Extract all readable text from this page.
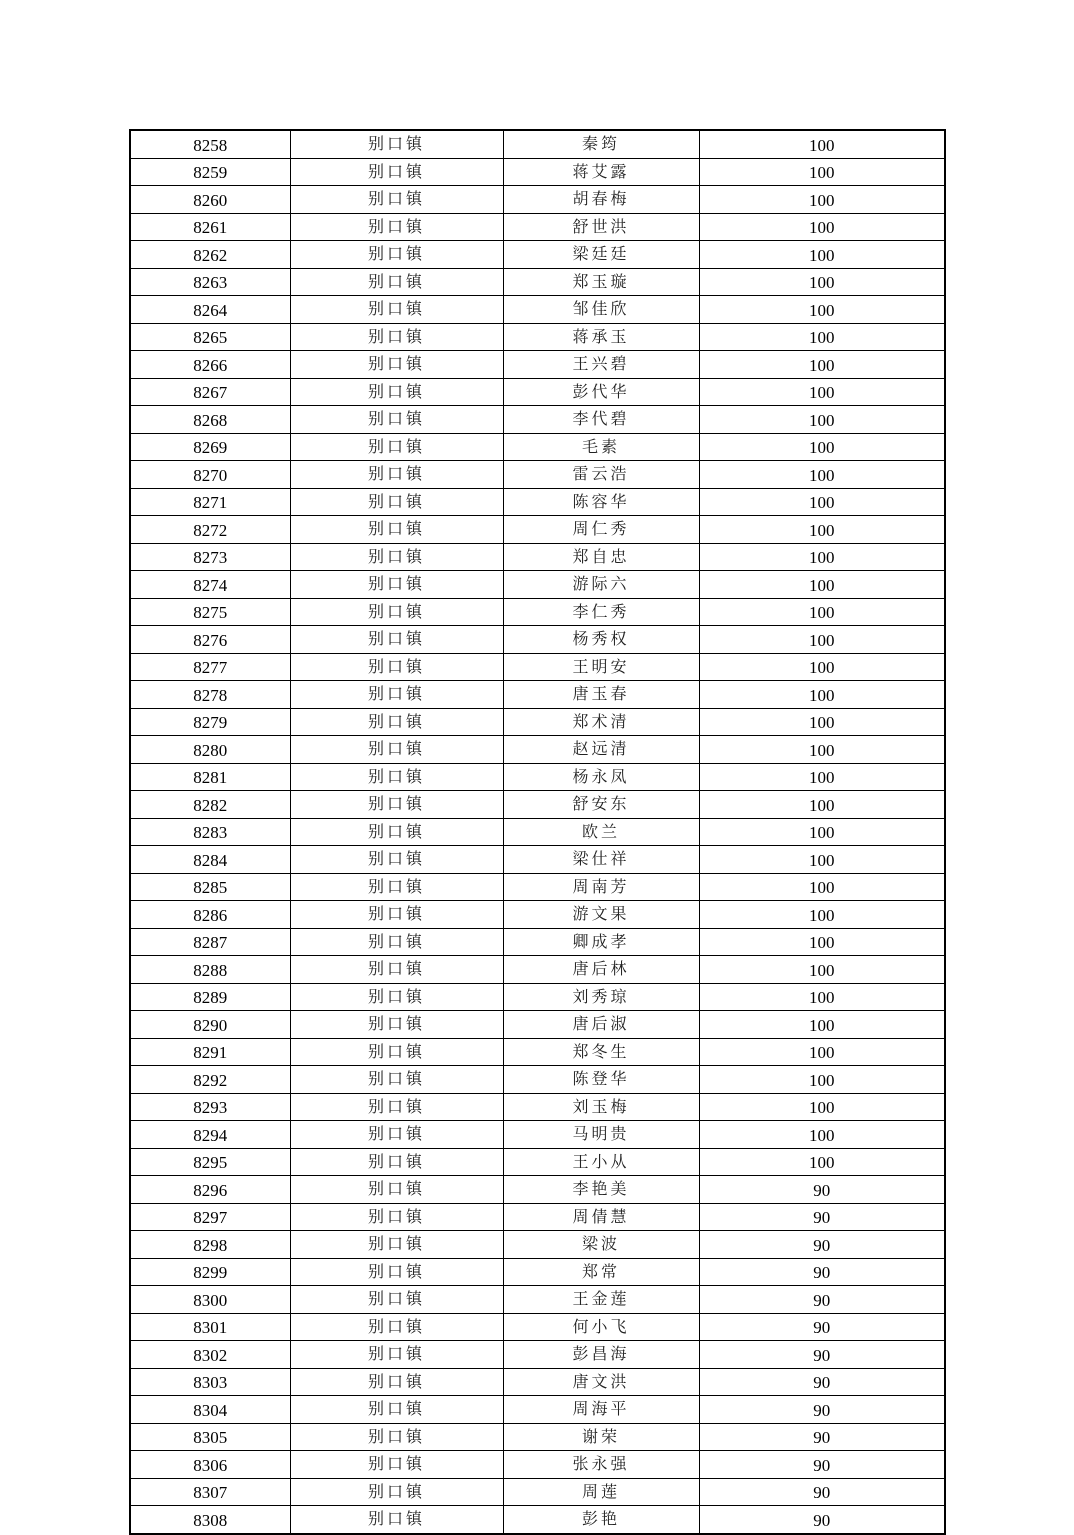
8258	别口镇	秦筠	100
8259	别口镇	蒋艾露	100
8260	别口镇	胡春梅	100
8261	别口镇	舒世洪	100
8262	别口镇	梁廷廷	100
8263	别口镇	郑玉璇	100
8264	别口镇	邹佳欣	100
8265	别口镇	蒋承玉	100
8266	别口镇	王兴碧	100
8267	别口镇	彭代华	100
8268	别口镇	李代碧	100
8269	别口镇	毛素	100
8270	别口镇	雷云浩	100
8271	别口镇	陈容华	100
8272	别口镇	周仁秀	100
8273	别口镇	郑自忠	100
8274	别口镇	游际六	100
8275	别口镇	李仁秀	100
8276	别口镇	杨秀权	100
8277	别口镇	王明安	100
8278	别口镇	唐玉春	100
8279	别口镇	郑术清	100
8280	别口镇	赵远清	100
8281	别口镇	杨永凤	100
8282	别口镇	舒安东	100
8283	别口镇	欧兰	100
8284	别口镇	梁仕祥	100
8285	别口镇	周南芳	100
8286	别口镇	游文果	100
8287	别口镇	卿成孝	100
8288	别口镇	唐后林	100
8289	别口镇	刘秀琼	100
8290	别口镇	唐后淑	100
8291	别口镇	郑冬生	100
8292	别口镇	陈登华	100
8293	别口镇	刘玉梅	100
8294	别口镇	马明贵	100
8295	别口镇	王小从	100
8296	别口镇	李艳美	90
8297	别口镇	周倩慧	90
8298	别口镇	梁波	90
8299	别口镇	郑常	90
8300	别口镇	王金莲	90
8301	别口镇	何小飞	90
8302	别口镇	彭昌海	90
8303	别口镇	唐文洪	90
8304	别口镇	周海平	90
8305	别口镇	谢荣	90
8306	别口镇	张永强	90
8307	别口镇	周莲	90
8308	别口镇	彭艳	90
